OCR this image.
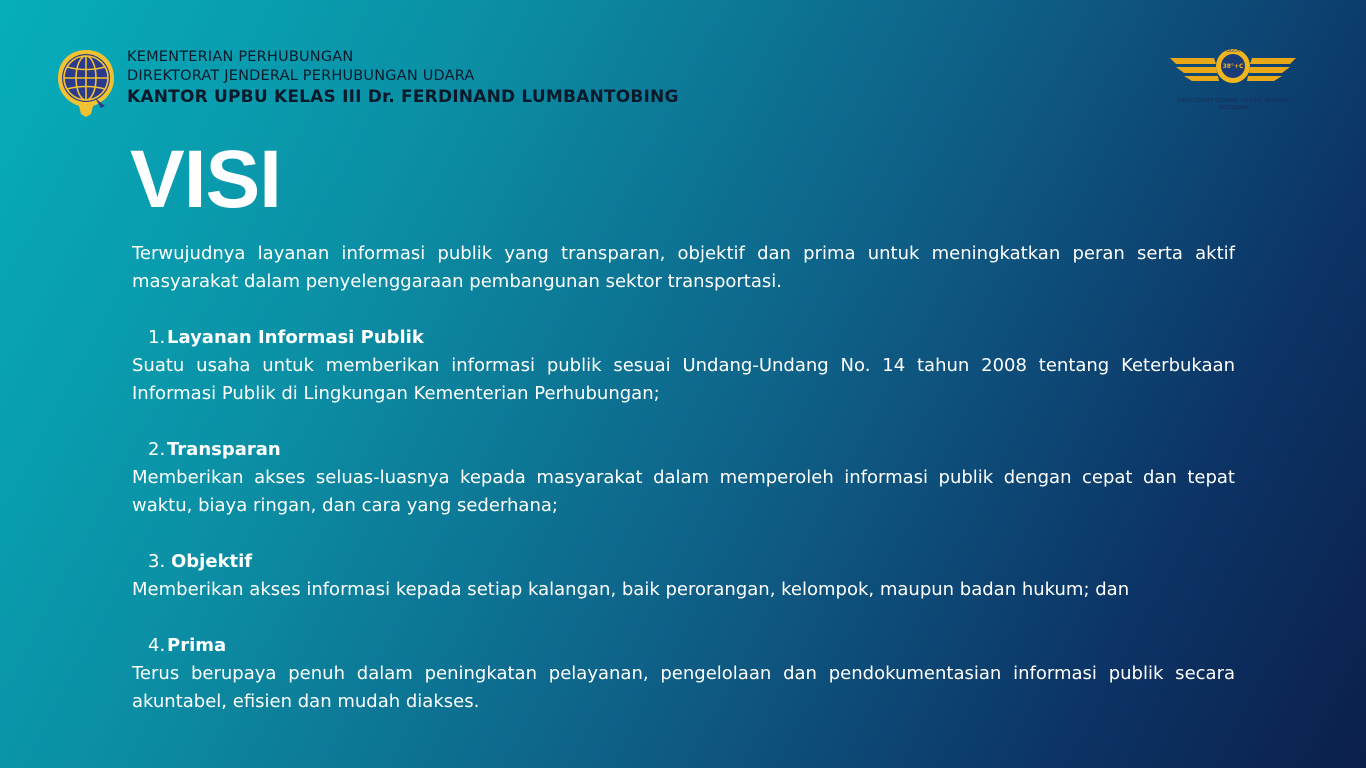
KEMENTERIAN PERHUBUNGAN
DIREKTORAT JENDERAL PERHUBUNGAN UDARA
KANTOR UPBU KELAS III Dr. FERDINAND LUMBANTOBING
DGCA
38°+C
DIRECTORATE GENERAL OF CIVIL AVIATION
INDONESIA
VISI

Terwujudnya layanan informasi publik yang transparan, objektif dan prima untuk meningkatkan peran serta aktif masyarakat dalam penyelenggaraan pembangunan sektor transportasi.

1. Layanan Informasi Publik

Suatu usaha untuk memberikan informasi publik sesuai Undang-Undang No. 14 tahun 2008 tentang Keterbukaan Informasi Publik di Lingkungan Kementerian Perhubungan;

2. Transparan

Memberikan akses seluas-luasnya kepada masyarakat dalam memperoleh informasi publik dengan cepat dan tepat waktu, biaya ringan, dan cara yang sederhana;

3. Objektif

Memberikan akses informasi kepada setiap kalangan, baik perorangan, kelompok, maupun badan hukum; dan

4. Prima

Terus berupaya penuh dalam peningkatan pelayanan, pengelolaan dan pendokumentasian informasi publik secara akuntabel, efisien dan mudah diakses.
